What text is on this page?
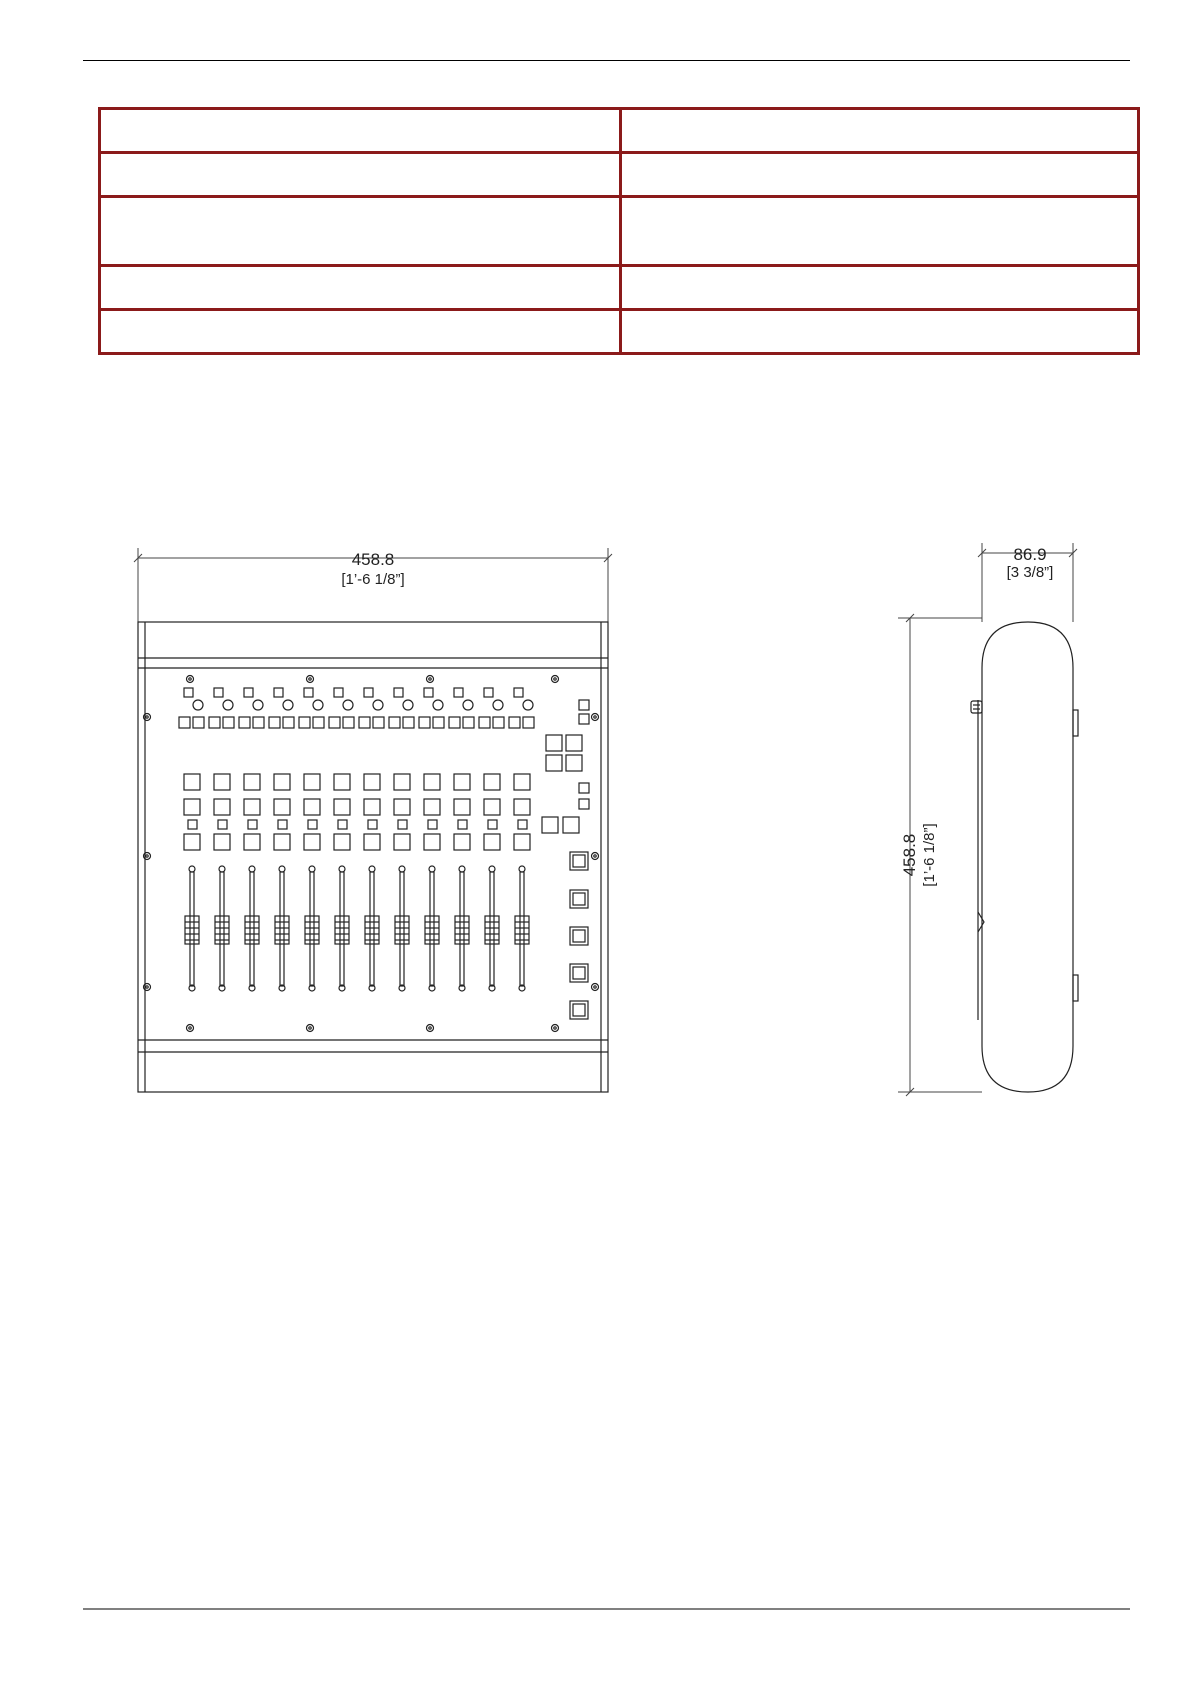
458.8
[1’-6 1/8”]
86.9
[3 3/8”]
458.8 [1’-6 1/8”]
